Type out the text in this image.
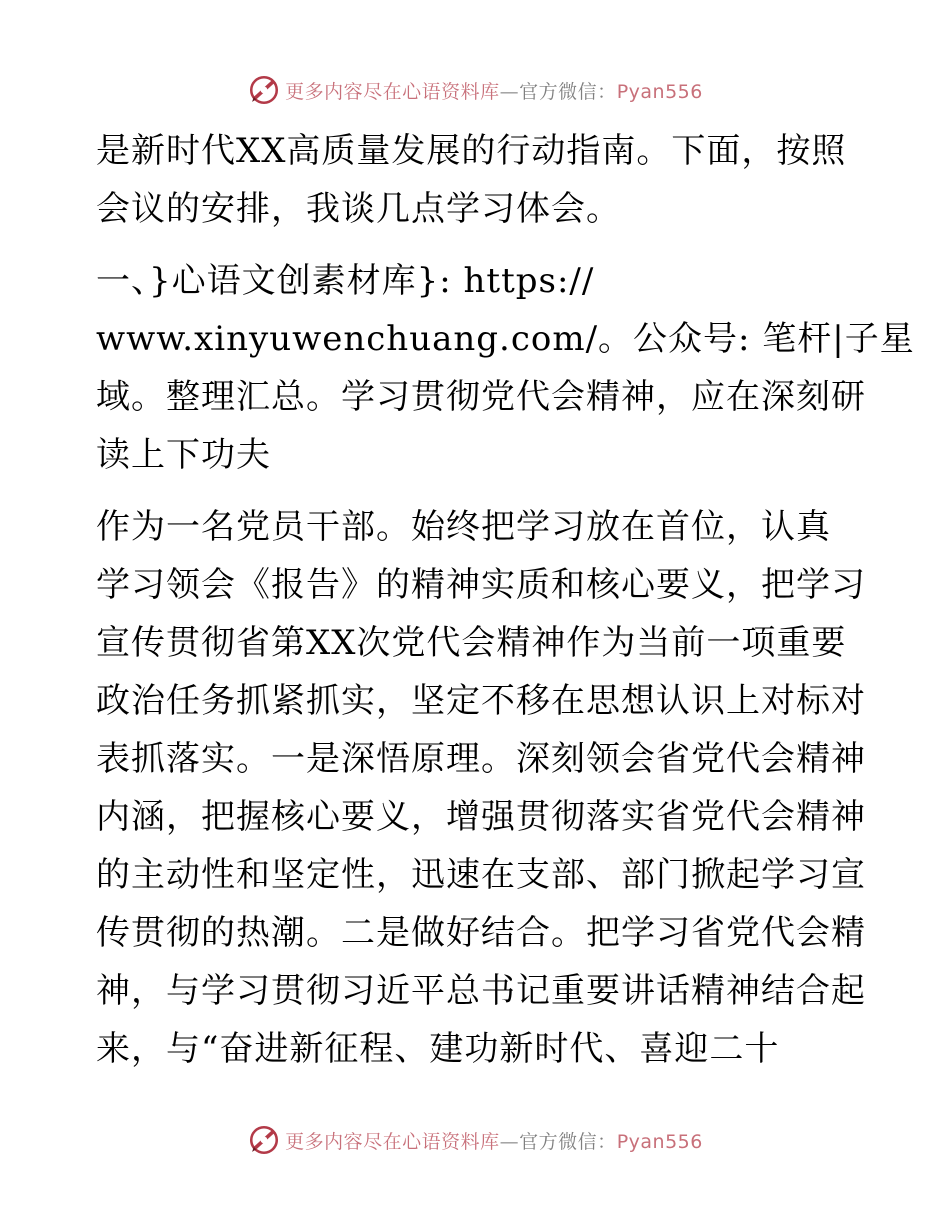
更多内容尽在心语资料库—官方微信：Pyan556
是新时代XX高质量发展的行动指南。下面，按照
会议的安排，我谈几点学习体会。
一、}心语文创素材库}: https://
www.xinyuwenchuang.com/。公众号: 笔杆|子星
域。整理汇总。学习贯彻党代会精神，应在深刻研
读上下功夫
作为一名党员干部。始终把学习放在首位，认真
学习领会《报告》的精神实质和核心要义，把学习
宣传贯彻省第XX次党代会精神作为当前一项重要
政治任务抓紧抓实，坚定不移在思想认识上对标对
表抓落实。一是深悟原理。深刻领会省党代会精神
内涵，把握核心要义，增强贯彻落实省党代会精神
的主动性和坚定性，迅速在支部、部门掀起学习宣
传贯彻的热潮。二是做好结合。把学习省党代会精
神，与学习贯彻习近平总书记重要讲话精神结合起
来，与“奋进新征程、建功新时代、喜迎二十
更多内容尽在心语资料库—官方微信：Pyan556
